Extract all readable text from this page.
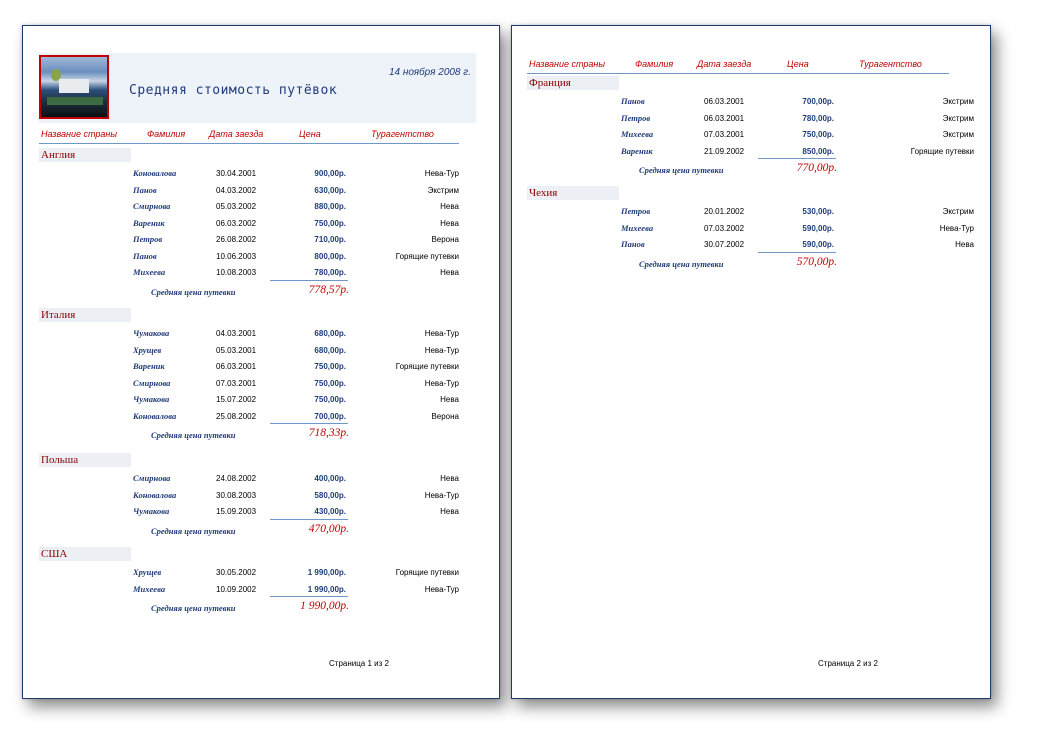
Средняя стоимость путёвок
14 ноября 2008 г.
Название страны	Фамилия	Дата заезда	Цена	Турагентство
Англия
Коновалова	30.04.2001	900,00р.	Нева-Тур
Панов	04.03.2002	630,00р.	Экстрим
Смирнова	05.03.2002	880,00р.	Нева
Вареник	06.03.2002	750,00р.	Нева
Петров	26.08.2002	710,00р.	Верона
Панов	10.06.2003	800,00р.	Горящие путевки
Михеева	10.08.2003	780,00р.	Нева
Средняя цена путевки	778,57р.
Италия
Чумакова	04.03.2001	680,00р.	Нева-Тур
Хрущев	05.03.2001	680,00р.	Нева-Тур
Вареник	06.03.2001	750,00р.	Горящие путевки
Смирнова	07.03.2001	750,00р.	Нева-Тур
Чумакова	15.07.2002	750,00р.	Нева
Коновалова	25.08.2002	700,00р.	Верона
Средняя цена путевки	718,33р.
Польша
Смирнова	24.08.2002	400,00р.	Нева
Коновалова	30.08.2003	580,00р.	Нева-Тур
Чумакова	15.09.2003	430,00р.	Нева
Средняя цена путевки	470,00р.
США
Хрущев	30.05.2002	1 990,00р.	Горящие путевки
Михеева	10.09.2002	1 990,00р.	Нева-Тур
Средняя цена путевки	1 990,00р.
Страница 1 из 2
Название страны	Фамилия	Дата заезда	Цена	Турагентство
Франция
Панов	06.03.2001	700,00р.	Экстрим
Петров	06.03.2001	780,00р.	Экстрим
Михеева	07.03.2001	750,00р.	Экстрим
Вареник	21.09.2002	850,00р.	Горящие путевки
Средняя цена путевки	770,00р.
Чехия
Петров	20.01.2002	530,00р.	Экстрим
Михеева	07.03.2002	590,00р.	Нева-Тур
Панов	30.07.2002	590,00р.	Нева
Средняя цена путевки	570,00р.
Страница 2 из 2
